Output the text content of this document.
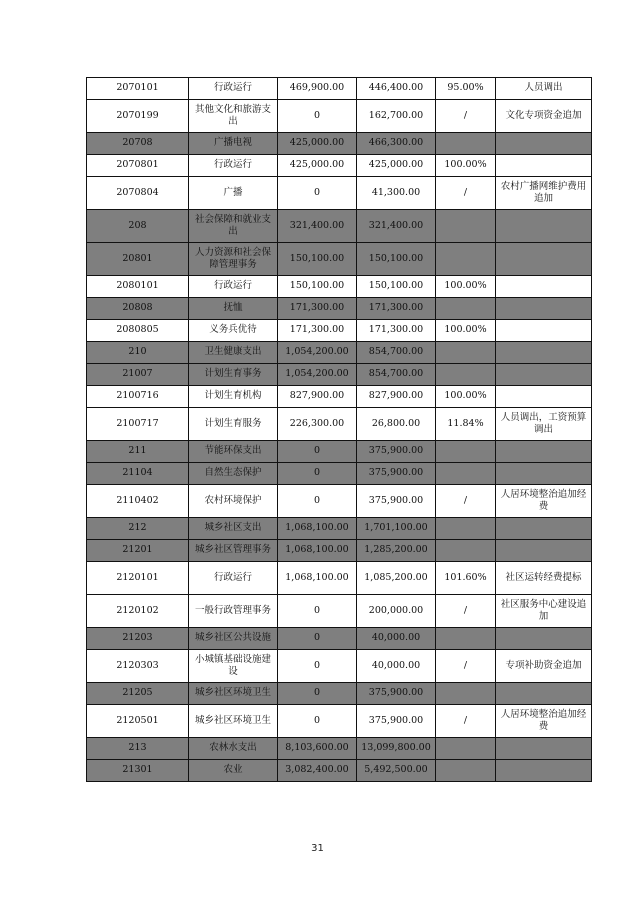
2070101	行政运行	469,900.00	446,400.00	95.00%	人员调出
2070199	其他文化和旅游支出	0	162,700.00	/	文化专项资金追加
20708	广播电视	425,000.00	466,300.00		
2070801	行政运行	425,000.00	425,000.00	100.00%	
2070804	广播	0	41,300.00	/	农村广播网维护费用追加
208	社会保障和就业支出	321,400.00	321,400.00		
20801	人力资源和社会保障管理事务	150,100.00	150,100.00		
2080101	行政运行	150,100.00	150,100.00	100.00%	
20808	抚恤	171,300.00	171,300.00		
2080805	义务兵优待	171,300.00	171,300.00	100.00%	
210	卫生健康支出	1,054,200.00	854,700.00		
21007	计划生育事务	1,054,200.00	854,700.00		
2100716	计划生育机构	827,900.00	827,900.00	100.00%	
2100717	计划生育服务	226,300.00	26,800.00	11.84%	人员调出，工资预算调出
211	节能环保支出	0	375,900.00		
21104	自然生态保护	0	375,900.00		
2110402	农村环境保护	0	375,900.00	/	人居环境整治追加经费
212	城乡社区支出	1,068,100.00	1,701,100.00		
21201	城乡社区管理事务	1,068,100.00	1,285,200.00		
2120101	行政运行	1,068,100.00	1,085,200.00	101.60%	社区运转经费提标
2120102	一般行政管理事务	0	200,000.00	/	社区服务中心建设追加
21203	城乡社区公共设施	0	40,000.00		
2120303	小城镇基础设施建设	0	40,000.00	/	专项补助资金追加
21205	城乡社区环境卫生	0	375,900.00		
2120501	城乡社区环境卫生	0	375,900.00	/	人居环境整治追加经费
213	农林水支出	8,103,600.00	13,099,800.00		
21301	农业	3,082,400.00	5,492,500.00		
31
